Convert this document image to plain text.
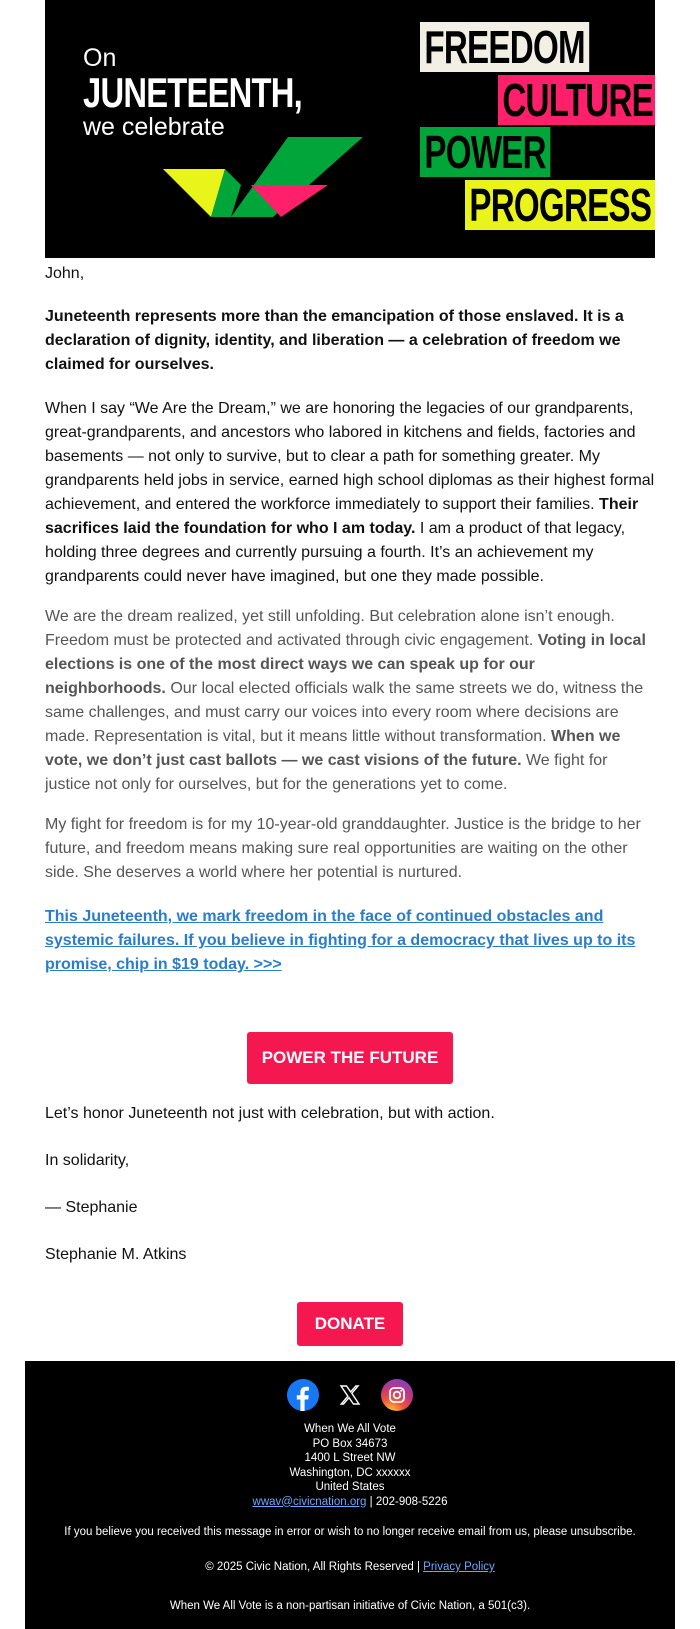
On
JUNETEENTH,
we celebrate
FREEDOM
CULTURE
POWER
PROGRESS

John,

Juneteenth represents more than the emancipation of those enslaved. It is a declaration of dignity, identity, and liberation — a celebration of freedom we claimed for ourselves.

When I say “We Are the Dream,” we are honoring the legacies of our grandparents, great-grandparents, and ancestors who labored in kitchens and fields, factories and basements — not only to survive, but to clear a path for something greater. My grandparents held jobs in service, earned high school diplomas as their highest formal achievement, and entered the workforce immediately to support their families. Their sacrifices laid the foundation for who I am today. I am a product of that legacy, holding three degrees and currently pursuing a fourth. It’s an achievement my grandparents could never have imagined, but one they made possible.

We are the dream realized, yet still unfolding. But celebration alone isn’t enough. Freedom must be protected and activated through civic engagement. Voting in local elections is one of the most direct ways we can speak up for our neighborhoods. Our local elected officials walk the same streets we do, witness the same challenges, and must carry our voices into every room where decisions are made. Representation is vital, but it means little without transformation. When we vote, we don’t just cast ballots — we cast visions of the future. We fight for justice not only for ourselves, but for the generations yet to come.

My fight for freedom is for my 10-year-old granddaughter. Justice is the bridge to her future, and freedom means making sure real opportunities are waiting on the other side. She deserves a world where her potential is nurtured.

This Juneteenth, we mark freedom in the face of continued obstacles and systemic failures. If you believe in fighting for a democracy that lives up to its promise, chip in $19 today. >>>

Let’s honor Juneteenth not just with celebration, but with action.

In solidarity,

— Stephanie

Stephanie M. Atkins

POWER THE FUTURE
DONATE
When We All Vote
PO Box 34673
1400 L Street NW
Washington, DC xxxxxx
United States
wwav@civicnation.org | 202-908-5226
If you believe you received this message in error or wish to no longer receive email from us, please unsubscribe.
© 2025 Civic Nation, All Rights Reserved | Privacy Policy
When We All Vote is a non-partisan initiative of Civic Nation, a 501(c3).
